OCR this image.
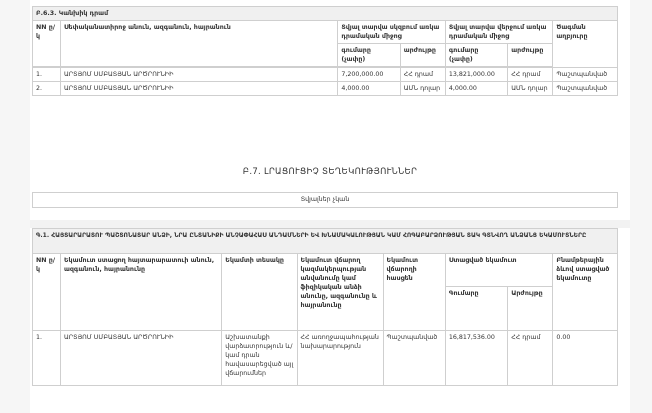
Բ.6.3. Կանխիկ դրամ						
NN ը/կ	Սեփականատիրոջ անուն, ազգանուն, հայրանուն	Տվյալ տարվա սկզբում առկա դրամական միջոց		Տվյալ տարվա վերջում առկա դրամական միջոց		Ծագման աղբյուրը
		գումարը (չափը)	արժույթը	գումարը (չափը)	արժույթը	

1.	ԱՐՏՅՈՄ ՍՄԲԱՏՅԱՆ ԱՐԾՐՈՒՆԻԻ	7,200,000.00	ՀՀ դրամ	13,821,000.00	ՀՀ դրամ	Պաշտպանված
2.	ԱՐՏՅՈՄ ՍՄԲԱՏՅԱՆ ԱՐԾՐՈՒՆԻԻ	4,000.00	ԱՄՆ դոլար	4,000.00	ԱՄՆ դոլար	Պաշտպանված
Բ.7. ԼՐԱՑՈՒՑԻՉ ՏԵՂԵԿՈՒԹՅՈՒՆՆԵՐ
Տվյալներ չկան
Գ.1. ՀԱՅՏԱՐԱՐԱՏՈՒ ՊԱՇՏՈՆԱՏԱՐ ԱՆՁԻ, ՆՐԱ ԸՆՏԱՆԻՔԻ ԱՆՉԱՓԱՀԱՍ ԱՆԴԱՄՆԵՐԻ ԵՎ ԽՆԱՄԱԿԱԼՈՒԹՅԱՆ ԿԱՄ ՀՈԳԱԲԱՐՁՈՒԹՅԱՆ ՏԱԿ ԳՏՆՎՈՂ ԱՆՁԱՆՑ ԵԿԱՄՈՒՏՆԵՐԸ							
NN ը/կ	Եկամուտ ստացող հայտարարատուի անուն, ազգանուն, հայրանունը	Եկամտի տեսակը	Եկամուտ վճարող կազմակերպության անվանումը կամ ֆիզիկական անձի անունը, ազգանունը և հայրանունը	Եկամուտ վճարողի հասցեն	Ստացված եկամուտ		Բնամթերային ձևով ստացված եկամուտը
					Գումարը	Արժույթը	
1.	ԱՐՏՅՈՄ ՍՄԲԱՏՅԱՆ ԱՐԾՐՈՒՆԻԻ	Աշխատանքի վարձատրություն և/կամ դրան հավասարեցված այլ վճարումներ	ՀՀ առողջապահության նախարարություն	Պաշտպանված	16,817,536.00	ՀՀ դրամ	0.00
